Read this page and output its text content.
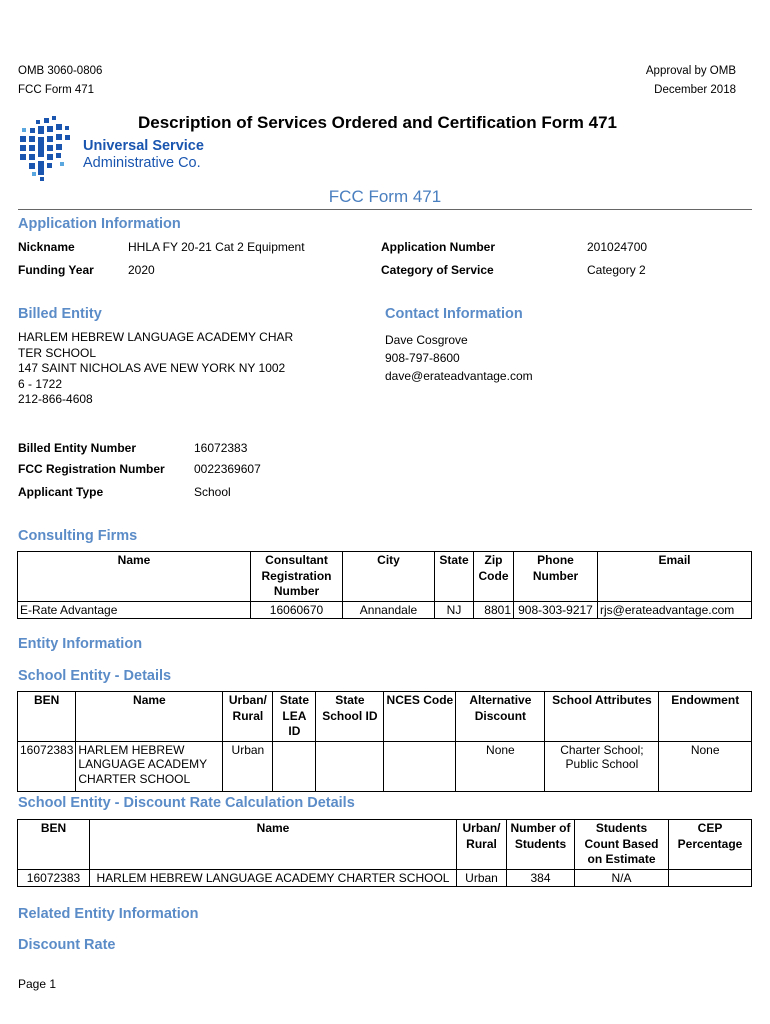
OMB 3060-0806
FCC Form 471
Approval by OMB
December 2018
Universal Service
Administrative Co.
Description of Services Ordered and Certification Form 471
FCC Form 471
Application Information
Nickname	HHLA FY 20-21 Cat 2 Equipment
Funding Year	2020
Application Number	201024700
Category of Service	Category 2
Billed Entity
HARLEM HEBREW LANGUAGE ACADEMY CHAR
TER SCHOOL
147 SAINT NICHOLAS AVE NEW YORK NY 1002
6 - 1722
212-866-4608
Contact Information
Dave Cosgrove
908-797-8600
dave@erateadvantage.com
Billed Entity Number	16072383
FCC Registration Number 0022369607
Applicant Type	School
Consulting Firms
Name	Consultant Registration Number	City	State	Zip Code	Phone Number	Email
E-Rate Advantage	16060670	Annandale	NJ	8801	908-303-9217	rjs@erateadvantage.com
Entity Information
School Entity - Details
BEN	Name	Urban/ Rural	State LEA ID	State School ID	NCES Code	Alternative Discount	School Attributes	Endowment
16072383	HARLEM HEBREW LANGUAGE ACADEMY CHARTER SCHOOL	Urban				None	Charter School; Public School	None
School Entity - Discount Rate Calculation Details
BEN	Name	Urban/ Rural	Number of Students	Students Count Based on Estimate	CEP Percentage
16072383	HARLEM HEBREW LANGUAGE ACADEMY CHARTER SCHOOL	Urban	384	N/A	
Related Entity Information
Discount Rate
Page 1
